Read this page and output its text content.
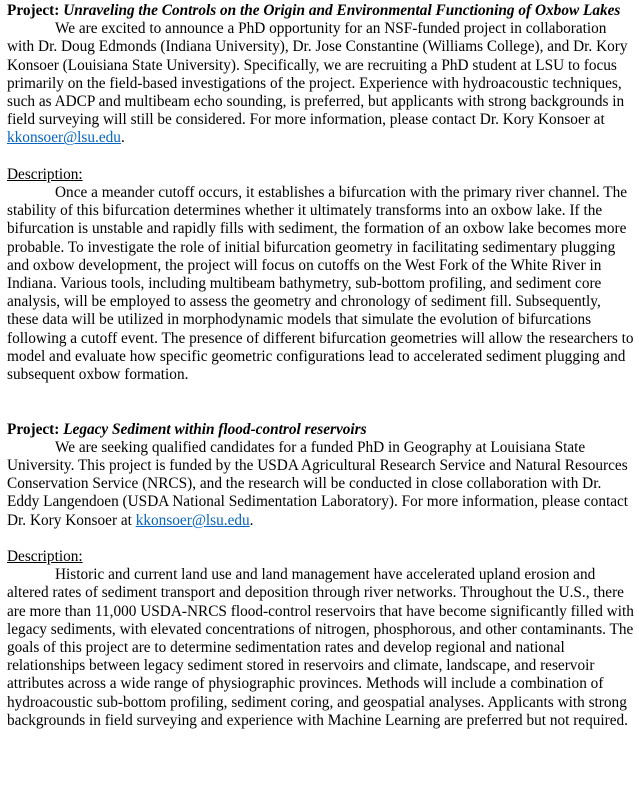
Project: Unraveling the Controls on the Origin and Environmental Functioning of Oxbow Lakes

We are excited to announce a PhD opportunity for an NSF-funded project in collaboration with Dr. Doug Edmonds (Indiana University), Dr. Jose Constantine (Williams College), and Dr. Kory Konsoer (Louisiana State University). Specifically, we are recruiting a PhD student at LSU to focus primarily on the field-based investigations of the project. Experience with hydroacoustic techniques, such as ADCP and multibeam echo sounding, is preferred, but applicants with strong backgrounds in field surveying will still be considered. For more information, please contact Dr. Kory Konsoer at kkonsoer@lsu.edu.

Description:

Once a meander cutoff occurs, it establishes a bifurcation with the primary river channel. The stability of this bifurcation determines whether it ultimately transforms into an oxbow lake. If the bifurcation is unstable and rapidly fills with sediment, the formation of an oxbow lake becomes more probable. To investigate the role of initial bifurcation geometry in facilitating sedimentary plugging and oxbow development, the project will focus on cutoffs on the West Fork of the White River in Indiana. Various tools, including multibeam bathymetry, sub-bottom profiling, and sediment core analysis, will be employed to assess the geometry and chronology of sediment fill. Subsequently, these data will be utilized in morphodynamic models that simulate the evolution of bifurcations following a cutoff event. The presence of different bifurcation geometries will allow the researchers to model and evaluate how specific geometric configurations lead to accelerated sediment plugging and subsequent oxbow formation.

Project: Legacy Sediment within flood-control reservoirs

We are seeking qualified candidates for a funded PhD in Geography at Louisiana State University. This project is funded by the USDA Agricultural Research Service and Natural Resources Conservation Service (NRCS), and the research will be conducted in close collaboration with Dr. Eddy Langendoen (USDA National Sedimentation Laboratory). For more information, please contact Dr. Kory Konsoer at kkonsoer@lsu.edu.

Description:

Historic and current land use and land management have accelerated upland erosion and altered rates of sediment transport and deposition through river networks. Throughout the U.S., there are more than 11,000 USDA-NRCS flood-control reservoirs that have become significantly filled with legacy sediments, with elevated concentrations of nitrogen, phosphorous, and other contaminants. The goals of this project are to determine sedimentation rates and develop regional and national relationships between legacy sediment stored in reservoirs and climate, landscape, and reservoir attributes across a wide range of physiographic provinces. Methods will include a combination of hydroacoustic sub-bottom profiling, sediment coring, and geospatial analyses. Applicants with strong backgrounds in field surveying and experience with Machine Learning are preferred but not required.
